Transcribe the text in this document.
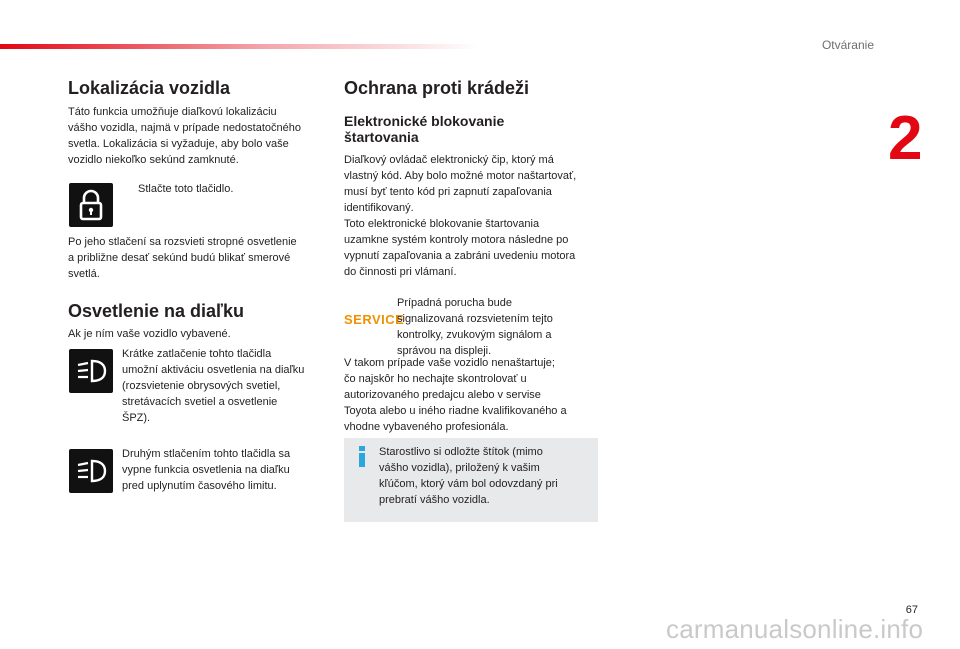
Otváranie
2
Lokalizácia vozidla

Táto funkcia umožňuje diaľkovú lokalizáciu

vášho vozidla, najmä v prípade nedostatočného

svetla. Lokalizácia si vyžaduje, aby bolo vaše

vozidlo niekoľko sekúnd zamknuté.

Stlačte toto tlačidlo.

Po jeho stlačení sa rozsvieti stropné osvetlenie

a približne desať sekúnd budú blikať smerové

svetlá.

Osvetlenie na diaľku

Ak je ním vaše vozidlo vybavené.

Krátke zatlačenie tohto tlačidla

umožní aktiváciu osvetlenia na diaľku

(rozsvietenie obrysových svetiel,

stretávacích svetiel a osvetlenie

ŠPZ).

Druhým stlačením tohto tlačidla sa

vypne funkcia osvetlenia na diaľku

pred uplynutím časového limitu.

Ochrana proti krádeži
Elektronické blokovanie
štartovania

Diaľkový ovládač elektronický čip, ktorý má

vlastný kód. Aby bolo možné motor naštartovať,

musí byť tento kód pri zapnutí zapaľovania

identifikovaný.

Toto elektronické blokovanie štartovania

uzamkne systém kontroly motora následne po

vypnutí zapaľovania a zabráni uvedeniu motora

do činnosti pri vlámaní.

SERVICE

Prípadná porucha bude

signalizovaná rozsvietením tejto

kontrolky, zvukovým signálom a

správou na displeji.

V takom prípade vaše vozidlo nenaštartuje;

čo najskôr ho nechajte skontrolovať u

autorizovaného predajcu alebo v servise

Toyota alebo u iného riadne kvalifikovaného a

vhodne vybaveného profesionála.

Starostlivo si odložte štítok (mimo

vášho vozidla), priložený k vašim

kľúčom, ktorý vám bol odovzdaný pri

prebratí vášho vozidla.

67
carmanualsonline.info
